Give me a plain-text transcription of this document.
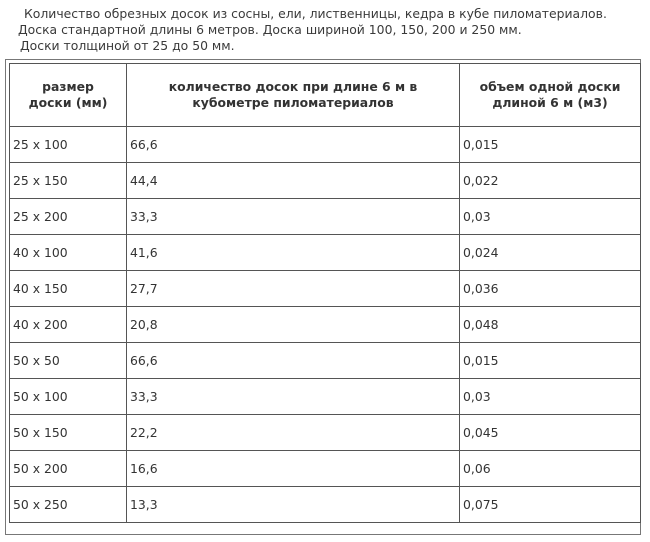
Количество обрезных досок из сосны, ели, лиственницы, кедра в кубе пиломатериалов.
Доска стандартной длины 6 метров. Доска шириной 100, 150, 200 и 250 мм.
Доски толщиной от 25 до 50 мм.
размер доски (мм)	количество досок при длине 6 м в кубометре пиломатериалов	объем одной доски длиной 6 м (м3)
25 x 100	66,6	0,015
25 x 150	44,4	0,022
25 x 200	33,3	0,03
40 x 100	41,6	0,024
40 x 150	27,7	0,036
40 x 200	20,8	0,048
50 x 50	66,6	0,015
50 x 100	33,3	0,03
50 x 150	22,2	0,045
50 x 200	16,6	0,06
50 x 250	13,3	0,075
